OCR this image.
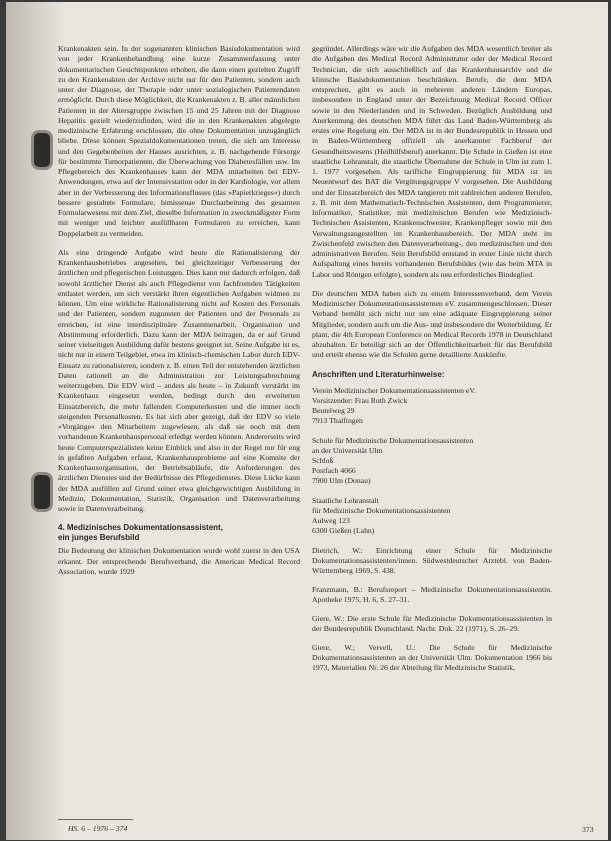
Krankenakten sein. In der sogenannten klinischen Basisdokumentation wird von jeder Krankenbehandlung eine kurze Zusammenfassung unter dokumentarischen Gesichtspunkten erhoben, die dann einen gezielten Zugriff zu den Krankenakten der Archive nicht nur für den Patienten, sondern auch unter der Diagnose, der Therapie oder unter sozialogischen Patientendaten ermöglicht. Durch diese Möglichkeit, die Krankenakten z. B. aller männlichen Patienten in der Altersgruppe zwischen 15 und 25 Jahren mit der Diagnose Hepatitis gezielt wiederzufinden, wird die in den Krankenakten abgelegte medizinische Erfahrung erschlossen, die ohne Dokumentation unzugänglich bliebe. Diese können Spezialdokumentationen treten, die sich am Interesse und den Gegebenheiten der Hauses ausrichten, z. B. nachgehende Fürsorge für bestimmte Tumorpatienten, die Überwachung von Diabetesfällen usw. Im Pflegebereich des Krankenhauses kann der MDA mitarbeiten bei EDV-Anwendungen, etwa auf der Intensivstation oder in der Kardiologie, vor allem aber in der Verbesserung des Informationsflusses (das »Papierkrieges«) durch bessere gestaltete Formulare, bimissenae Durcharbeitung des gesamten Formularwesens mit dem Ziel, dieselbe Information in zweckmäßigster Form mit weniger und leichter ausfüllbaren Formularen zu erreichen, kann Doppelarbeit zu vermeiden.

Als eine dringende Aufgabe wird heute die Rationalisierung der Krankenhausbetriebes angesehen, bei gleichzeitiger Verbesserung der ärztlichen und pflegerischen Leistungen. Dies kann nur dadurch erfolgen, daß sowohl ärztlicher Dienst als auch Pflegedienst von fachfremden Tätigkeiten entlastet werden, um sich verstärkt ihren eigentlichen Aufgaben widmen zu können. Um eine wirkliche Rationalisierung nicht auf Kosten des Personals und der Patienten, sondern zugunsten der Patienten und der Personals zu erreichen, ist eine interdisziplinäre Zusammenarbeit, Organisation und Abstimmung erforderlich. Dazu kann der MDA beitragen, da er auf Grund seiner vielseitigen Ausbildung dafür bestens geeignet ist. Seine Aufgabe ist es, nicht nur in einem Teilgebiet, etwa im klinisch-chemischen Labor durch EDV-Einsatz zu rationalisieren, sondern z. B. einen Teil der entstehenden ärztlichen Daten rationell an die Administration zur Leistungsabrechnung weiterzugeben. Die EDV wird – anders als heute – in Zukunft verstärkt im Krankenhaus eingesetzt werden, bedingt durch den erweiterten Einsatzbereich, die mehr fallenden Computerkosten und die immer noch steigenden Personalkosten. Es hat sich aber gezeigt, daß der EDV so viele »Vorgänge« den Mitarbeitern zugewiesen, als daß sie noch mit dem vorhandenen Krankenhauspersonal erledigt werden können. Andererseits wird heute Computerspezialisten keine Einblick und also in der Regel nur für eng in gefaßten Aufgaben erfasst, Krankenhausprobleme auf eine Komnite der Krankenhausorganisation, der Betriebsabläufe, die Anforderungen des ärztlichen Dienstes und der Bedürfnisse des Pflegedienstes. Diese Lücke kann der MDA ausfüllen auf Grund seiner etwa gleichgewichtigen Ausbildung in Medizin, Dokumentation, Statistik, Organisation und Datenverarbeitung sowie in Datenverarbeitung.

4. Medizinisches Dokumentationsassistent,
ein junges Berufsbild

Die Bedeutung der klinischen Dokumentation wurde wohl zuerst in den USA erkannt. Der entsprechende Berufsverband, die American Medical Record Association, wurde 1929

gegründet. Allerdings wäre wir die Aufgaben des MDA wesentlich breiter als die Aufgaben des Medical Record Administrator oder der Medical Record Technician, die sich ausschließlich auf das Krankenhausarchiv und die klinische Basisdokumentation beschränken. Berufe, die dem MDA entsprechen, gibt es auch in mehreren anderen Ländern Europas, insbesondere in England unter der Bezeichnung Medical Record Officer sowie in den Niederlanden und in Schweden. Bezüglich Ausbildung und Anerkennung des deutschen MDA führt das Land Baden-Württemberg als erstes eine Regelung ein. Der MDA ist in der Bundesrepublik in Hessen und in Baden-Württemberg offiziell als anerkannter Fachberuf der Gesundheitswesens (Heilhilfsberuf) anerkannt. Die Schule in Gießen ist eine staatliche Lehranstalt, die staatliche Übernahme der Schule in Ulm ist zum 1. 1. 1977 vorgesehen. Als tarifliche Eingruppierung für MDA ist im Neuentwurf des BAT die Vergütungsgruppe V vorgesehen. Die Ausbildung und der Einsatzbereich des MDA tangieren mit zahlreichen anderen Berufen, z. B. mit dem Mathematisch-Technischen Assistenten, dem Programmierer, Informatiker, Statistiker, mit medizinischen Berufen wie Medizinisch-Technischen Assistenten, Krankenschwester, Krankenpfleger sowie mit den Verwaltungsangestellten im Krankenhausbereich. Der MDA steht im Zwischenfeld zwischen den Datenverarbeitung-, den medizinischen und den administrativen Berufen. Sein Berufsbild entstand in erster Linie nicht durch Aufspaltung eines bereits vorhandenen Berufsbildes (wie das beim MTA in Labor und Röntgen erfolgte), sondern als neu erforderliches Bindeglied.

Die deutschen MDA haben sich zu einem Interessenverband, dem Verein Medizinischer Dokumentationsassistenten eV. zusammengeschlossen. Dieser Verband bemüht sich nicht nur um eine adäquate Eingruppierung seiner Mitglieder, sondern auch um die Aus- und insbesondere die Weiterbildung. Er plant, die 4th European Conference on Medical Records 1978 in Deutschland abzuhalten. Er beteiligt sich an der Öffentlichkeitsarbeit für das Berufsbild und erteilt ebenso wie die Schulen gerne detaillierte Auskünfte.

Anschriften und Literaturhinweise:
Verein Medizinischer Dokumentationsassistenten eV.
Vorsitzender: Frau Ruth Zwick
Beutelweg 29
7913 Thalfingen
Schule für Medizinische Dokumentationsassistenten
an der Universität Ulm
Schloß
Postfach 4066
7900 Ulm (Donau)
Staatliche Lehranstalt
für Medizinische Dokumentationsassistenten
Aulweg 123
6300 Gießen (Lahn)

Dietrich, W.: Einrichtung einer Schule für Medizinische Dokumentationsassistenten/innen. Südwestdeutscher Arztebl. von Baden-Württemberg 1969, S. 438.

Franzmann, B.: Berufsreport – Medizinische Dokumentationsassistentin. Apotheke 1975, H. 6, S. 27–31.

Giere, W.: Die erste Schule für Medizinische Dokumentationsassistenten in der Bundesrepublik Deutschland. Nachr. Dok. 22 (1971), S. 26–29.

Giere, W.; Vervell, U.: Die Schule für Medizinische Dokumentationsassistenten an der Universität Ulm. Dokumentation 1966 bis 1973, Materialien Nr. 26 der Abteilung für Medizinische Statistik,

HS. 6 – 1976 – 374	373
